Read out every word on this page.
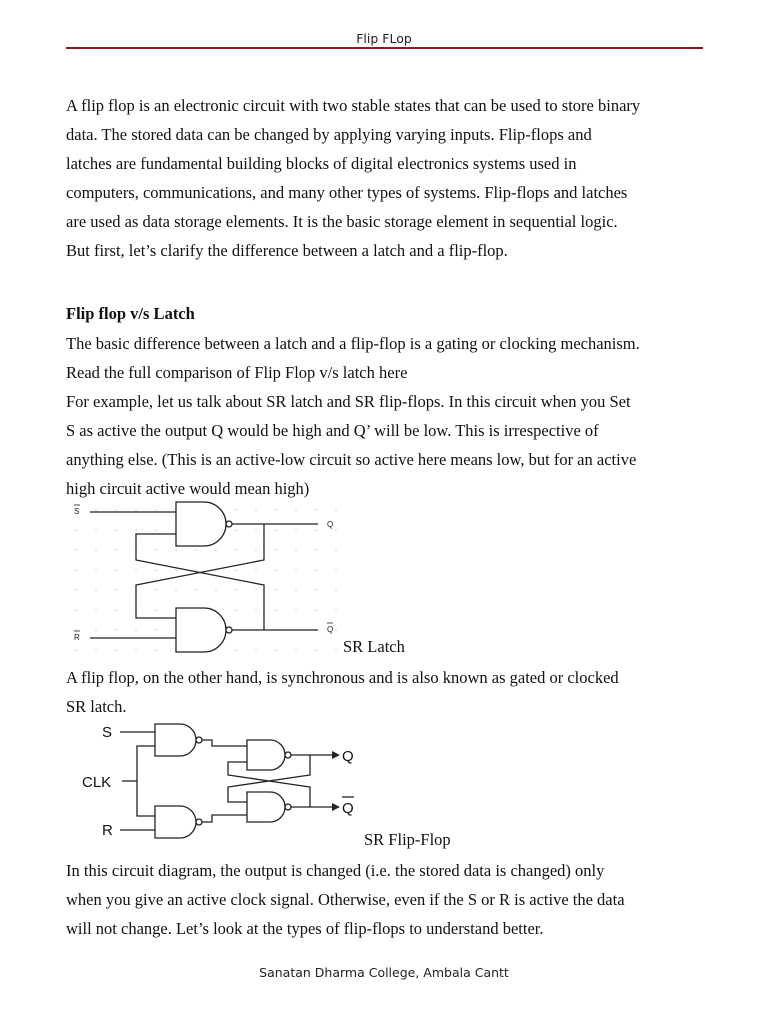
Flip FLop
A flip flop is an electronic circuit with two stable states that can be used to store binary
data. The stored data can be changed by applying varying inputs. Flip-flops and
latches are fundamental building blocks of digital electronics systems used in
computers, communications, and many other types of systems. Flip-flops and latches
are used as data storage elements. It is the basic storage element in sequential logic.
But first, let’s clarify the difference between a latch and a flip-flop.
Flip flop v/s Latch
The basic difference between a latch and a flip-flop is a gating or clocking mechanism.
Read the full comparison of Flip Flop v/s latch here
For example, let us talk about SR latch and SR flip-flops. In this circuit when you Set
S as active the output Q would be high and Q’ will be low. This is irrespective of
anything else. (This is an active-low circuit so active here means low, but for an active
high circuit active would mean high)
S
R
Q
Q
SR Latch
A flip flop, on the other hand, is synchronous and is also known as gated or clocked
SR latch.
S
CLK
R
Q
Q
SR Flip-Flop
In this circuit diagram, the output is changed (i.e. the stored data is changed) only
when you give an active clock signal. Otherwise, even if the S or R is active the data
will not change. Let’s look at the types of flip-flops to understand better.
Sanatan Dharma College, Ambala Cantt
